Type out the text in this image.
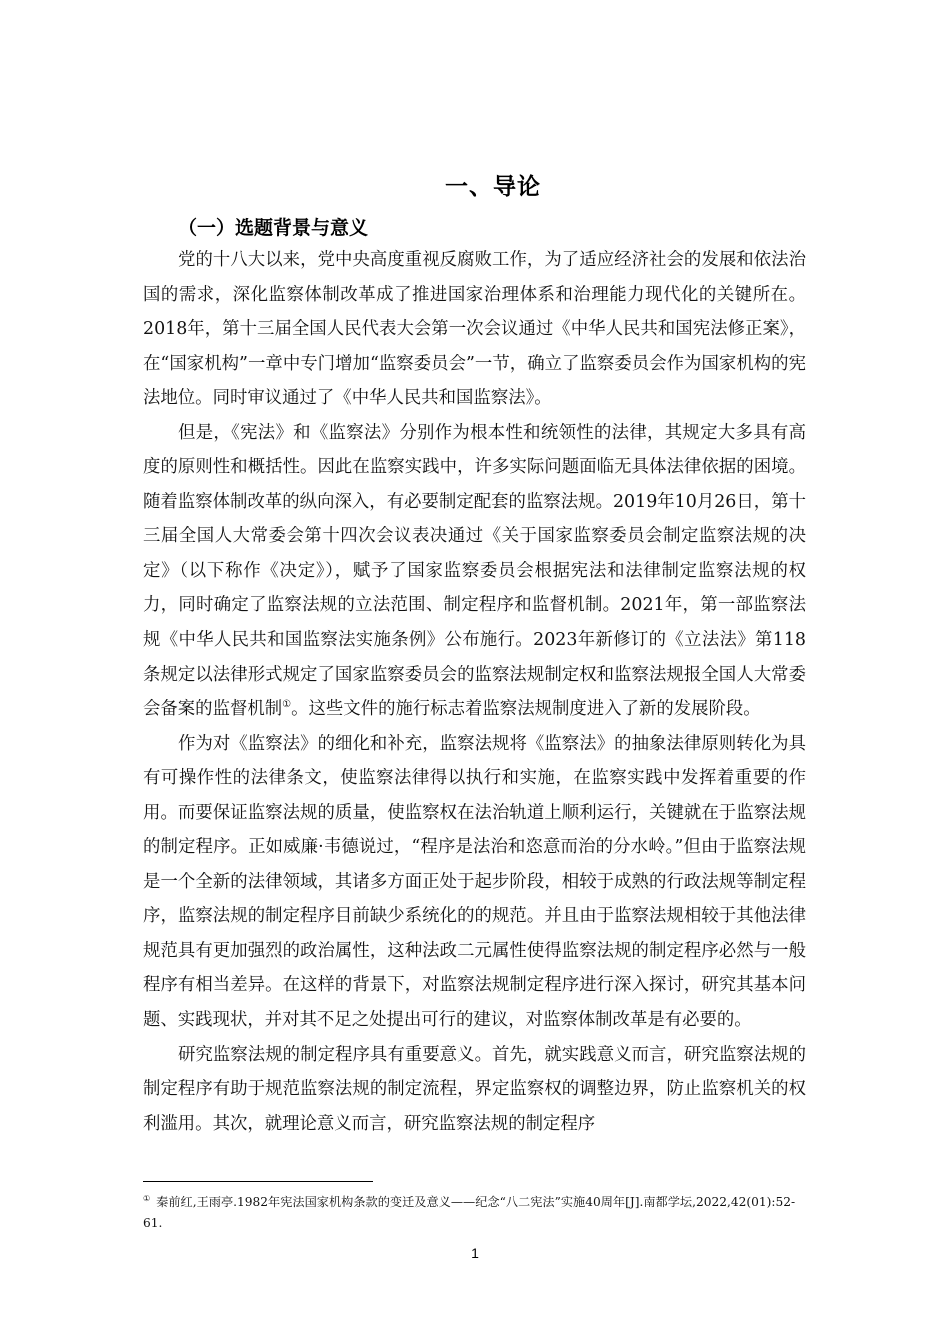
一、导论
（一）选题背景与意义

党的十八大以来，党中央高度重视反腐败工作，为了适应经济社会的发展和依法治国的需求，深化监察体制改革成了推进国家治理体系和治理能力现代化的关键所在。2018年，第十三届全国人民代表大会第一次会议通过《中华人民共和国宪法修正案》，在“国家机构”一章中专门增加“监察委员会”一节，确立了监察委员会作为国家机构的宪法地位。同时审议通过了《中华人民共和国监察法》。

但是，《宪法》和《监察法》分别作为根本性和统领性的法律，其规定大多具有高度的原则性和概括性。因此在监察实践中，许多实际问题面临无具体法律依据的困境。随着监察体制改革的纵向深入，有必要制定配套的监察法规。2019年10月26日，第十三届全国人大常委会第十四次会议表决通过《关于国家监察委员会制定监察法规的决定》（以下称作《决定》），赋予了国家监察委员会根据宪法和法律制定监察法规的权力，同时确定了监察法规的立法范围、制定程序和监督机制。2021年，第一部监察法规《中华人民共和国监察法实施条例》公布施行。2023年新修订的《立法法》第118条规定以法律形式规定了国家监察委员会的监察法规制定权和监察法规报全国人大常委会备案的监督机制①。这些文件的施行标志着监察法规制度进入了新的发展阶段。

作为对《监察法》的细化和补充，监察法规将《监察法》的抽象法律原则转化为具有可操作性的法律条文，使监察法律得以执行和实施，在监察实践中发挥着重要的作用。而要保证监察法规的质量，使监察权在法治轨道上顺利运行，关键就在于监察法规的制定程序。正如威廉·韦德说过，“程序是法治和恣意而治的分水岭。”但由于监察法规是一个全新的法律领域，其诸多方面正处于起步阶段，相较于成熟的行政法规等制定程序，监察法规的制定程序目前缺少系统化的的规范。并且由于监察法规相较于其他法律规范具有更加强烈的政治属性，这种法政二元属性使得监察法规的制定程序必然与一般程序有相当差异。在这样的背景下，对监察法规制定程序进行深入探讨，研究其基本问题、实践现状，并对其不足之处提出可行的建议，对监察体制改革是有必要的。

研究监察法规的制定程序具有重要意义。首先，就实践意义而言，研究监察法规的制定程序有助于规范监察法规的制定流程，界定监察权的调整边界，防止监察机关的权利滥用。其次，就理论意义而言，研究监察法规的制定程序

① 秦前红,王雨亭.1982年宪法国家机构条款的变迁及意义——纪念“八二宪法”实施40周年[J].南都学坛,2022,42(01):52-61.
1
